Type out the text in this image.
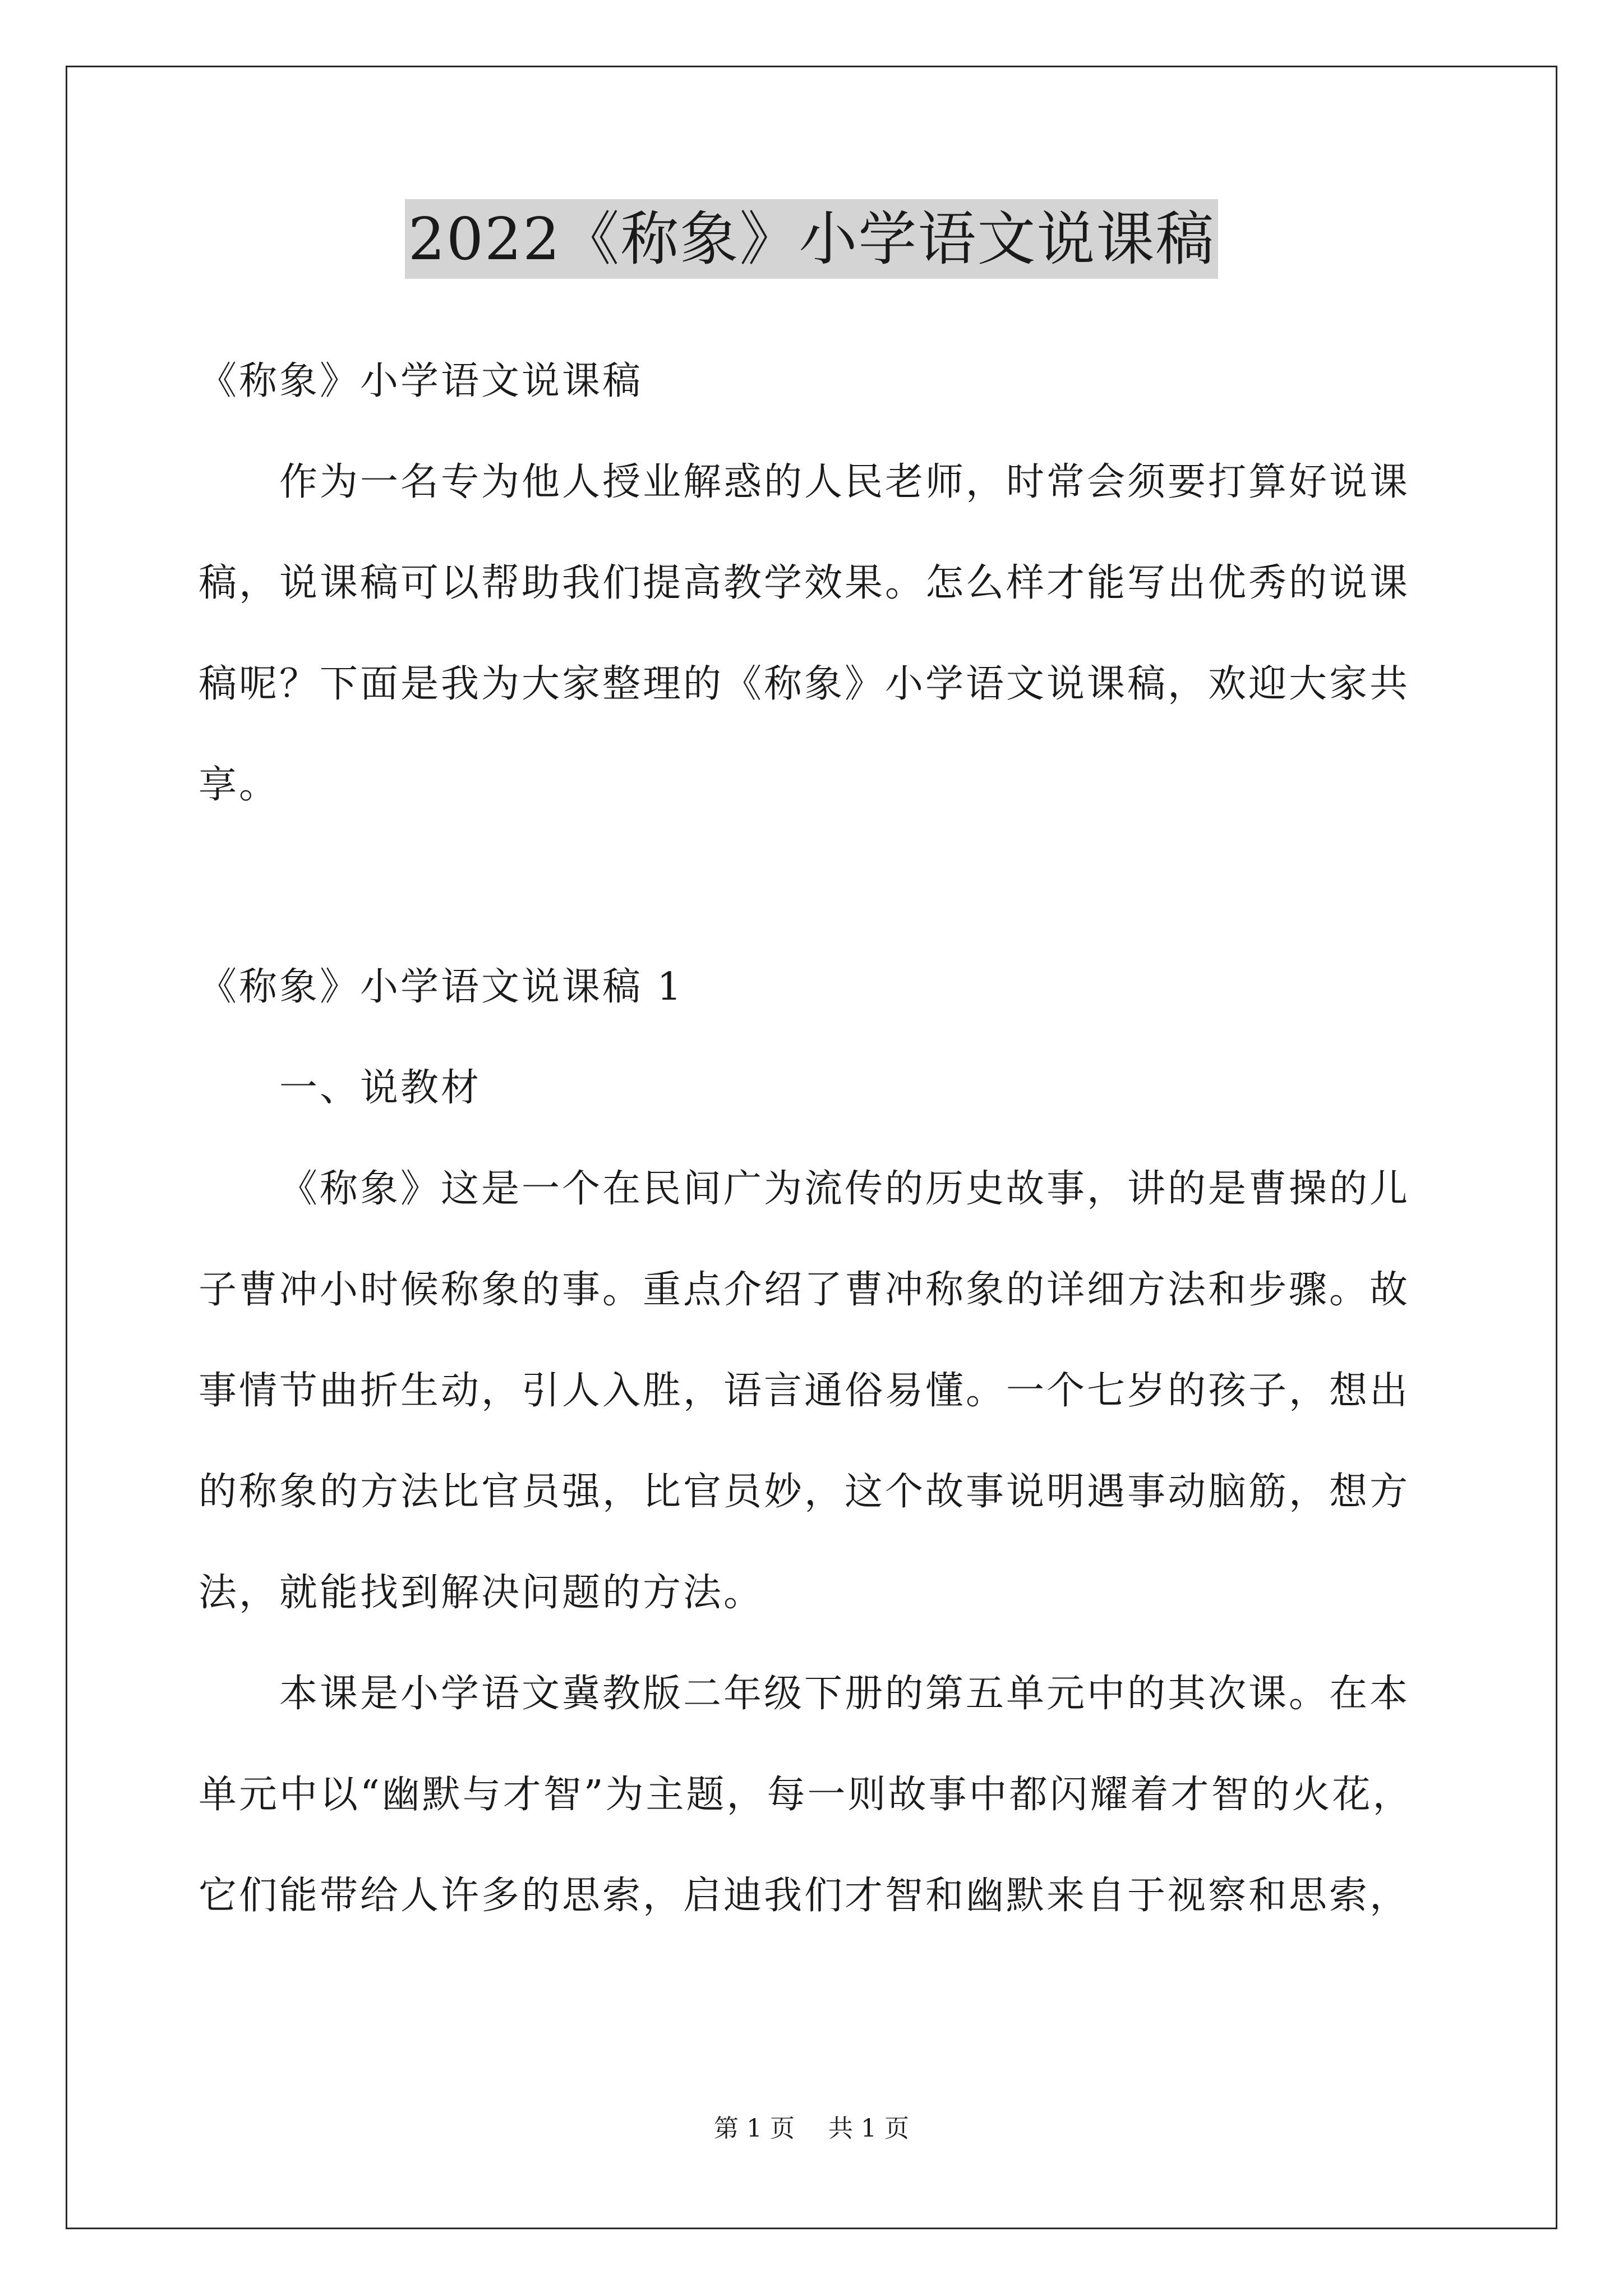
2022《称象》小学语文说课稿

《称象》小学语文说课稿

作为一名专为他人授业解惑的人民老师，时常会须要打算好说课

稿，说课稿可以帮助我们提高教学效果。怎么样才能写出优秀的说课

稿呢？下面是我为大家整理的《称象》小学语文说课稿，欢迎大家共

享。

《称象》小学语文说课稿 1

一、说教材

《称象》这是一个在民间广为流传的历史故事，讲的是曹操的儿

子曹冲小时候称象的事。重点介绍了曹冲称象的详细方法和步骤。故

事情节曲折生动，引人入胜，语言通俗易懂。一个七岁的孩子，想出

的称象的方法比官员强，比官员妙，这个故事说明遇事动脑筋，想方

法，就能找到解决问题的方法。

本课是小学语文冀教版二年级下册的第五单元中的其次课。在本

单元中以“幽默与才智”为主题，每一则故事中都闪耀着才智的火花，

它们能带给人许多的思索，启迪我们才智和幽默来自于视察和思索，

第 1 页 共 1 页
